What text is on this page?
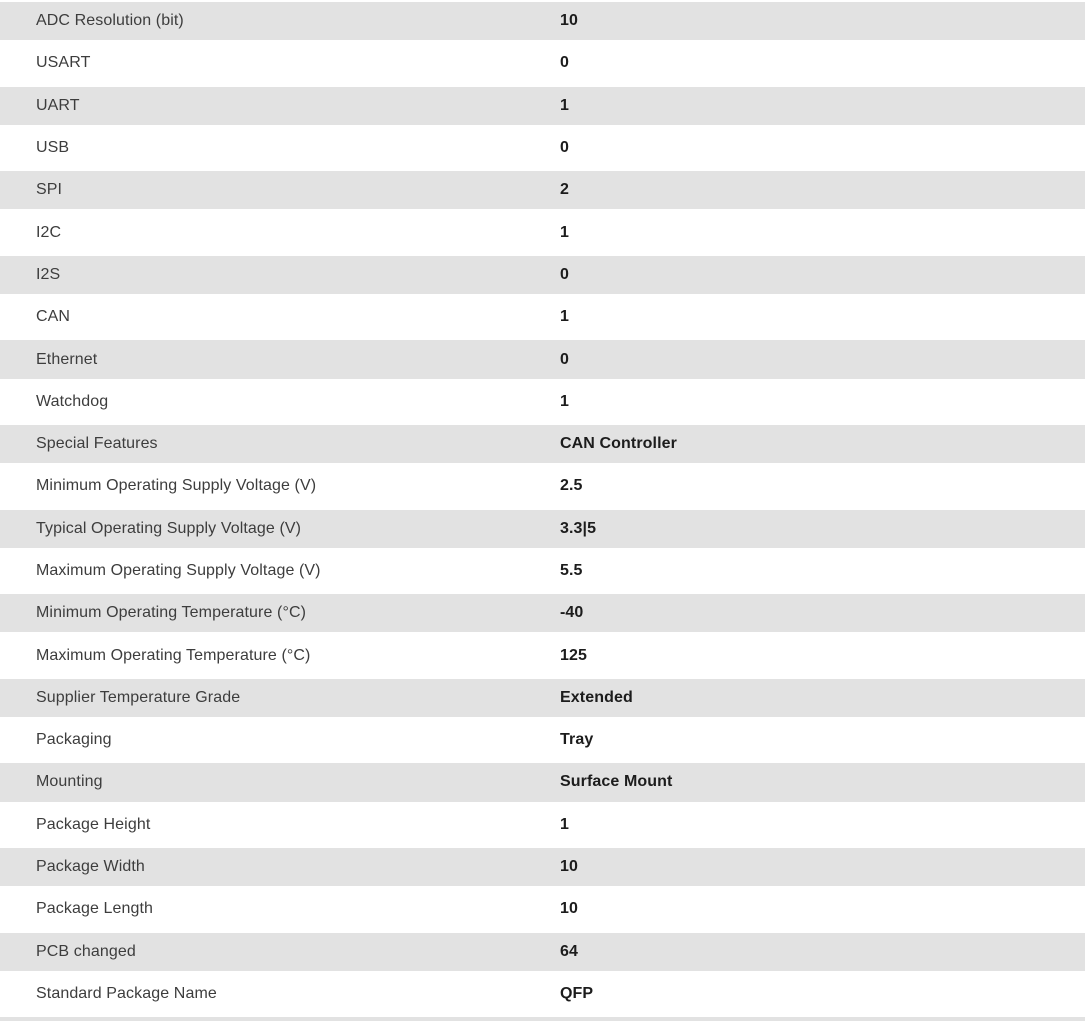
ADC Resolution (bit)	10
USART	0
UART	1
USB	0
SPI	2
I2C	1
I2S	0
CAN	1
Ethernet	0
Watchdog	1
Special Features	CAN Controller
Minimum Operating Supply Voltage (V)	2.5
Typical Operating Supply Voltage (V)	3.3|5
Maximum Operating Supply Voltage (V)	5.5
Minimum Operating Temperature (°C)	-40
Maximum Operating Temperature (°C)	125
Supplier Temperature Grade	Extended
Packaging	Tray
Mounting	Surface Mount
Package Height	1
Package Width	10
Package Length	10
PCB changed	64
Standard Package Name	QFP
